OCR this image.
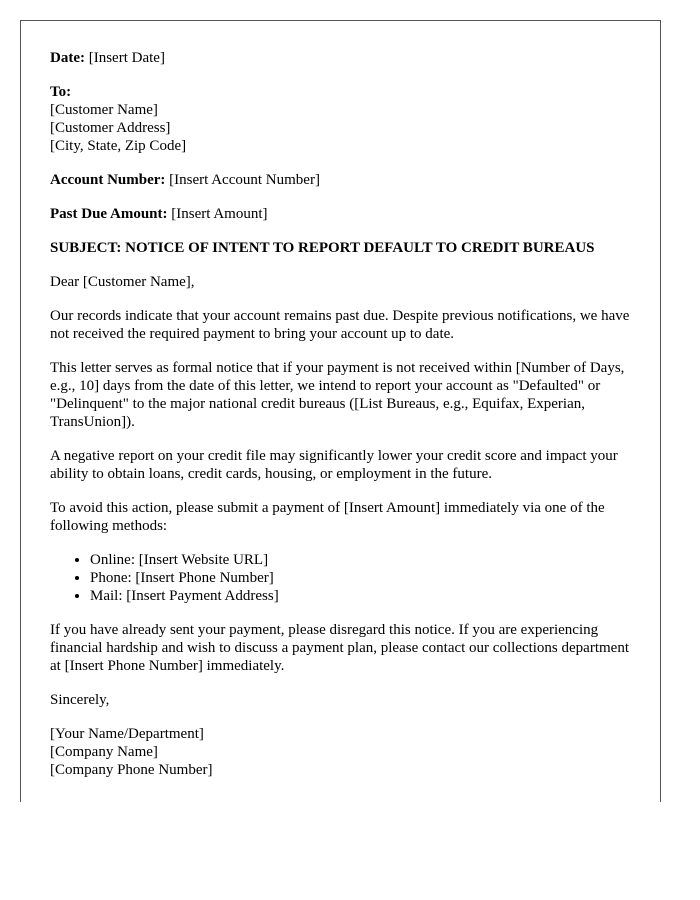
Date: [Insert Date]

To:
[Customer Name]
[Customer Address]
[City, State, Zip Code]

Account Number: [Insert Account Number]

Past Due Amount: [Insert Amount]

SUBJECT: NOTICE OF INTENT TO REPORT DEFAULT TO CREDIT BUREAUS

Dear [Customer Name],

Our records indicate that your account remains past due. Despite previous notifications, we have not received the required payment to bring your account up to date.

This letter serves as formal notice that if your payment is not received within [Number of Days, e.g., 10] days from the date of this letter, we intend to report your account as "Defaulted" or "Delinquent" to the major national credit bureaus ([List Bureaus, e.g., Equifax, Experian, TransUnion]).

A negative report on your credit file may significantly lower your credit score and impact your ability to obtain loans, credit cards, housing, or employment in the future.

To avoid this action, please submit a payment of [Insert Amount] immediately via one of the following methods:

• Online: [Insert Website URL]
• Phone: [Insert Phone Number]
• Mail: [Insert Payment Address]

If you have already sent your payment, please disregard this notice. If you are experiencing financial hardship and wish to discuss a payment plan, please contact our collections department at [Insert Phone Number] immediately.

Sincerely,

[Your Name/Department]
[Company Name]
[Company Phone Number]
